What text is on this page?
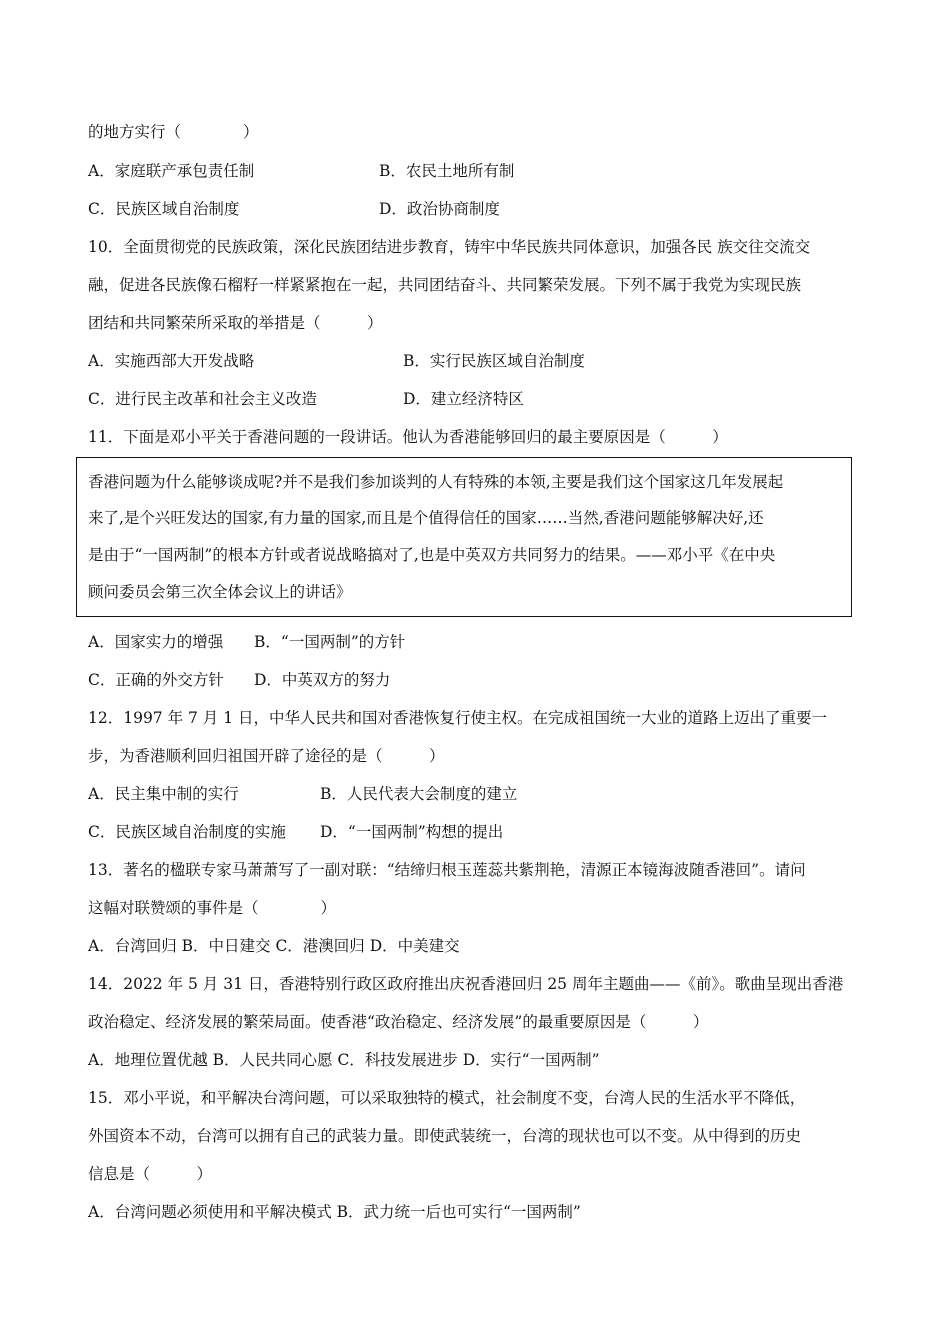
的地方实行（　　　　）
A．家庭联产承包责任制	B．农民土地所有制
C．民族区域自治制度	D．政治协商制度
10．全面贯彻党的民族政策，深化民族团结进步教育，铸牢中华民族共同体意识，加强各民 族交往交流交
融，促进各民族像石榴籽一样紧紧抱在一起，共同团结奋斗、共同繁荣发展。下列不属于我党为实现民族
团结和共同繁荣所采取的举措是（　　　）
A．实施西部大开发战略	B．实行民族区域自治制度
C．进行民主改革和社会主义改造	D．建立经济特区
11．下面是邓小平关于香港问题的一段讲话。他认为香港能够回归的最主要原因是（　　　）
香港问题为什么能够谈成呢?并不是我们参加谈判的人有特殊的本领,主要是我们这个国家这几年发展起
来了,是个兴旺发达的国家,有力量的国家,而且是个值得信任的国家……当然,香港问题能够解决好,还
是由于“一国两制”的根本方针或者说战略搞对了,也是中英双方共同努力的结果。——邓小平《在中央
顾问委员会第三次全体会议上的讲话》
A．国家实力的增强 B．“一国两制”的方针
C．正确的外交方针 D．中英双方的努力
12．1997 年 7 月 1 日，中华人民共和国对香港恢复行使主权。在完成祖国统一大业的道路上迈出了重要一
步，为香港顺利回归祖国开辟了途径的是（　　　）
A．民主集中制的实行	B．人民代表大会制度的建立
C．民族区域自治制度的实施 D．“一国两制”构想的提出
13．著名的楹联专家马萧萧写了一副对联：“结缔归根玉莲蕊共紫荆艳，清源正本镜海波随香港回”。请问
这幅对联赞颂的事件是（　　　　）
A．台湾回归 B．中日建交 C．港澳回归 D．中美建交
14．2022 年 5 月 31 日，香港特别行政区政府推出庆祝香港回归 25 周年主题曲——《前》。歌曲呈现出香港
政治稳定、经济发展的繁荣局面。使香港“政治稳定、经济发展”的最重要原因是（　　　）
A．地理位置优越 B．人民共同心愿 C．科技发展进步 D．实行“一国两制”
15．邓小平说，和平解决台湾问题，可以采取独特的模式，社会制度不变，台湾人民的生活水平不降低，
外国资本不动，台湾可以拥有自己的武装力量。即使武装统一，台湾的现状也可以不变。从中得到的历史
信息是（　　　）
A．台湾问题必须使用和平解决模式 B．武力统一后也可实行“一国两制”
